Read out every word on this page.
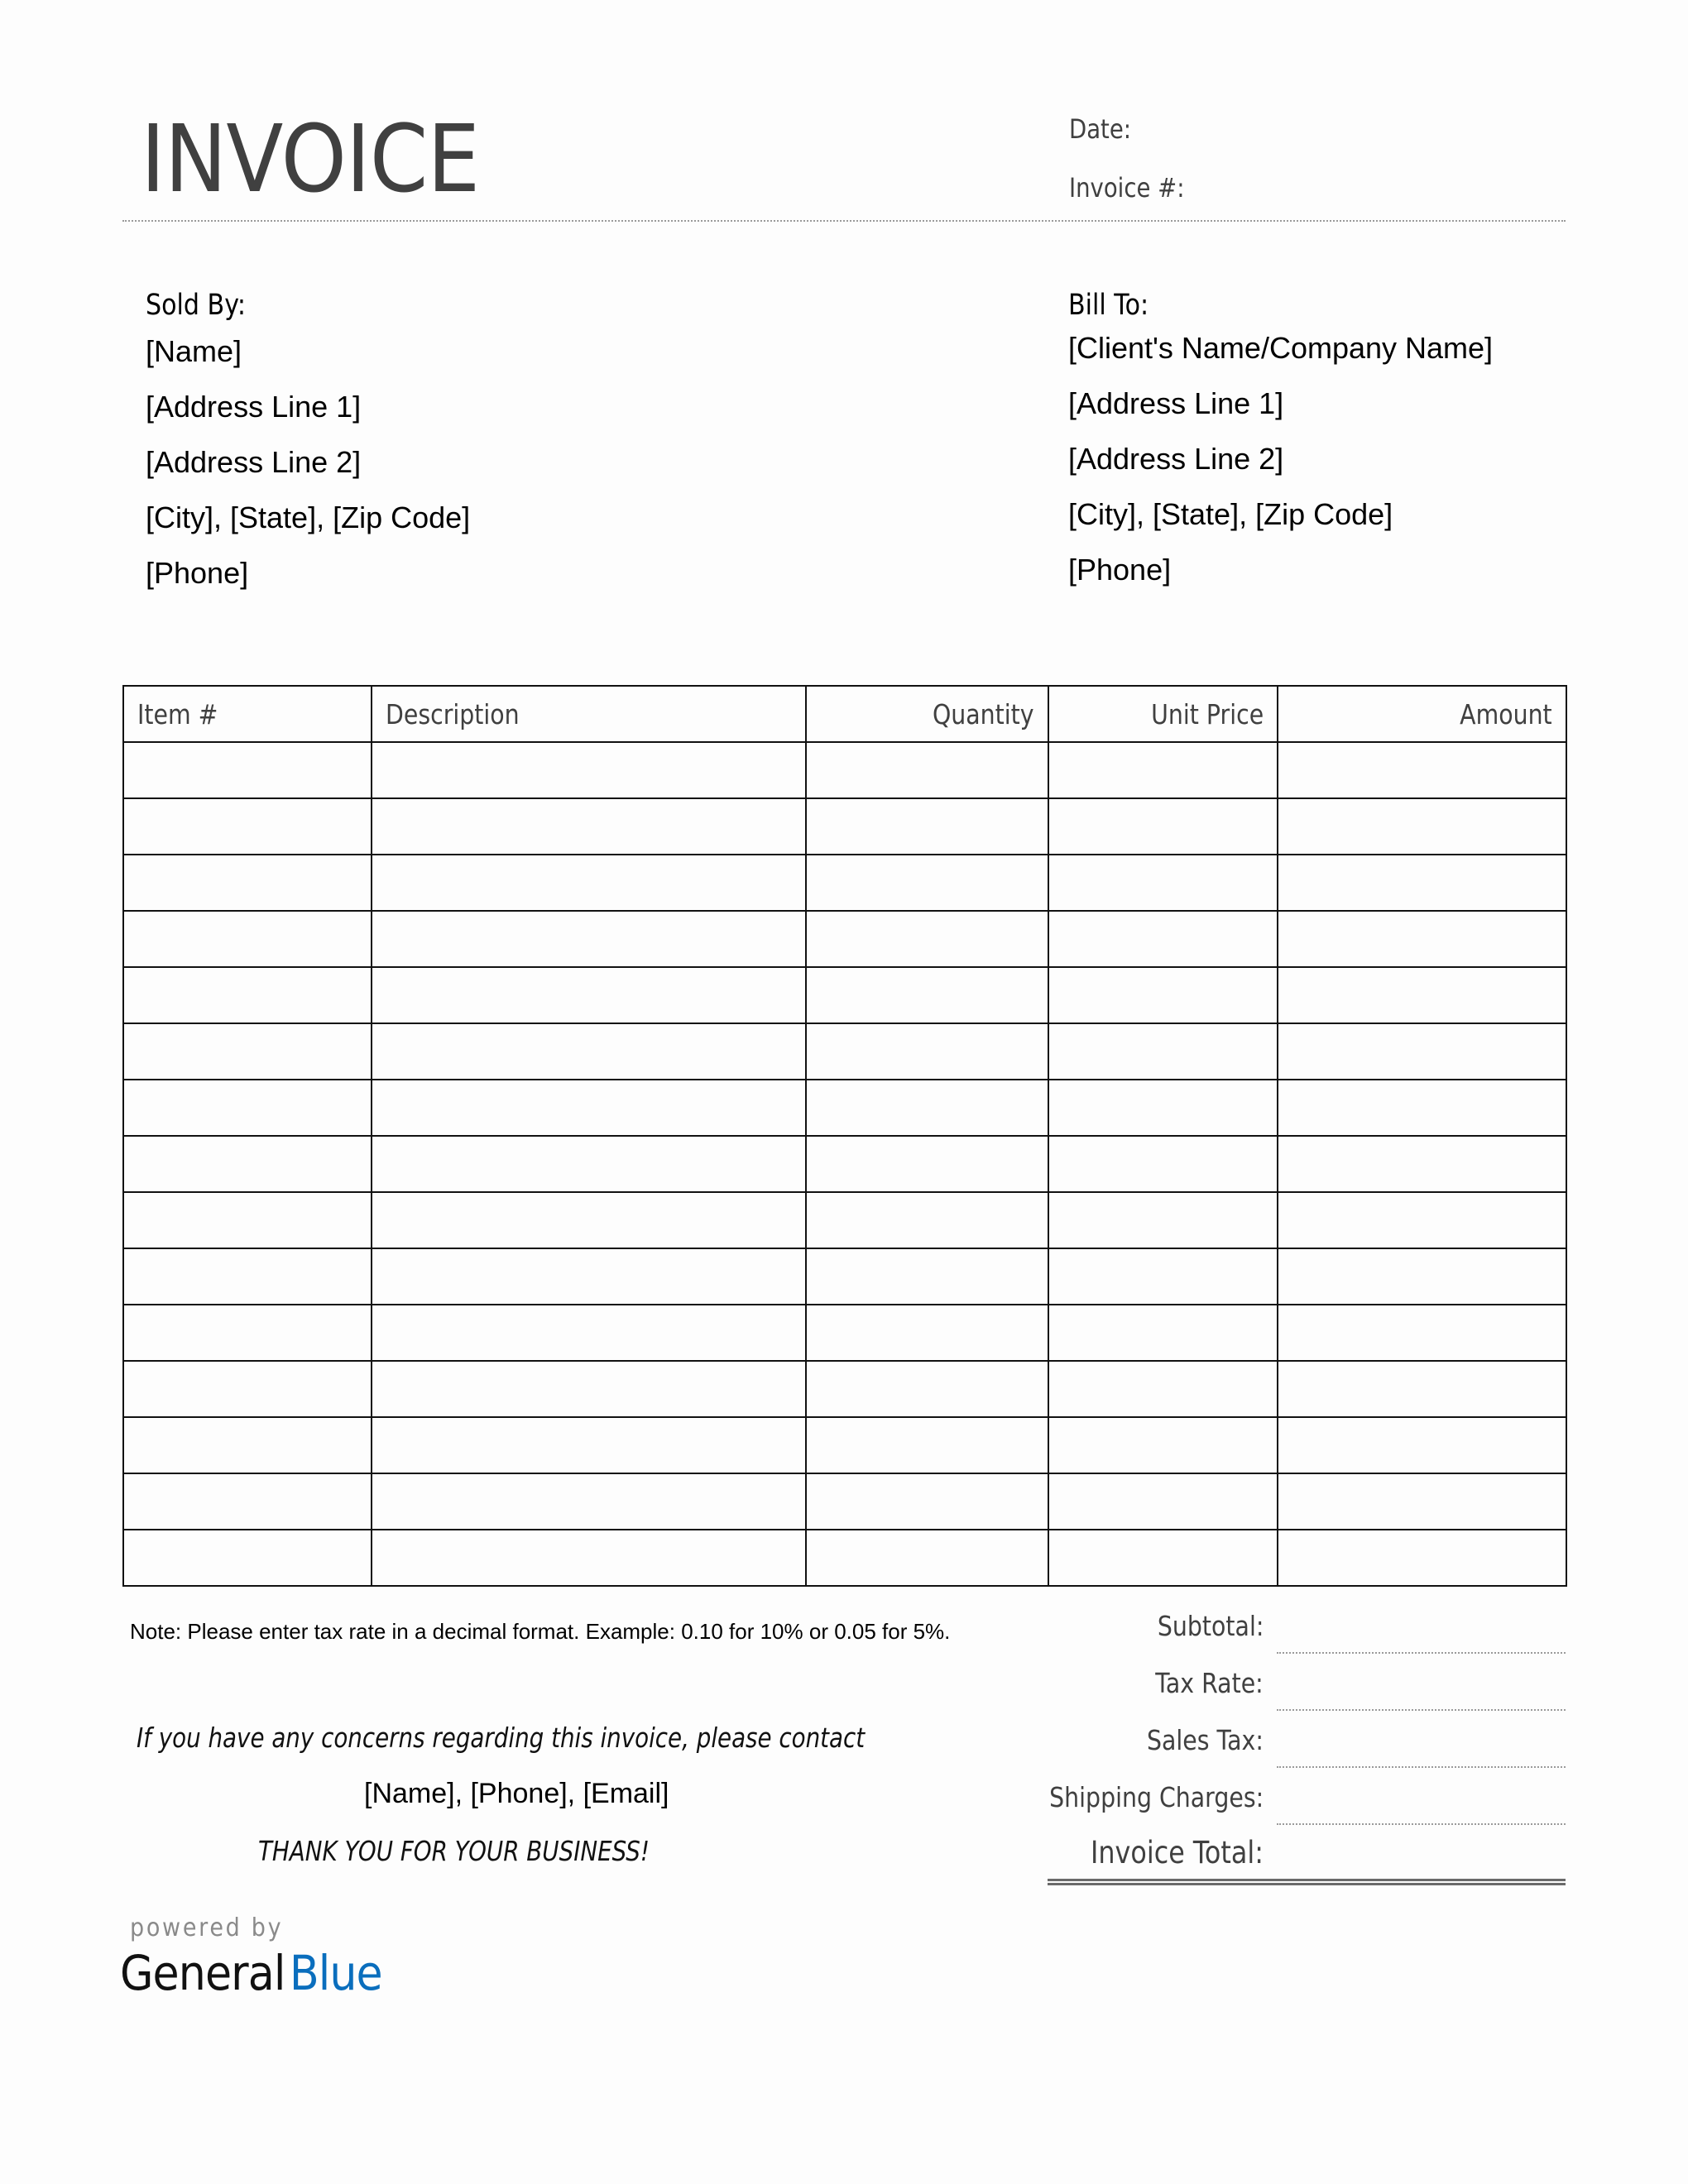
INVOICE	Date:
Invoice #:
Sold By:
[Name]
[Address Line 1]
[Address Line 2]
[City], [State], [Zip Code]
[Phone]
Bill To:
[Client's Name/Company Name]
[Address Line 1]
[Address Line 2]
[City], [State], [Zip Code]
[Phone]
Item #	Description	Quantity	Unit Price	Amount

Note: Please enter tax rate in a decimal format. Example: 0.10 for 10% or 0.05 for 5%.	Subtotal:
Tax Rate:
Sales Tax:
Shipping Charges:
Invoice Total:
If you have any concerns regarding this invoice, please contact
[Name], [Phone], [Email]
THANK YOU FOR YOUR BUSINESS!
powered by
GeneralBlue
